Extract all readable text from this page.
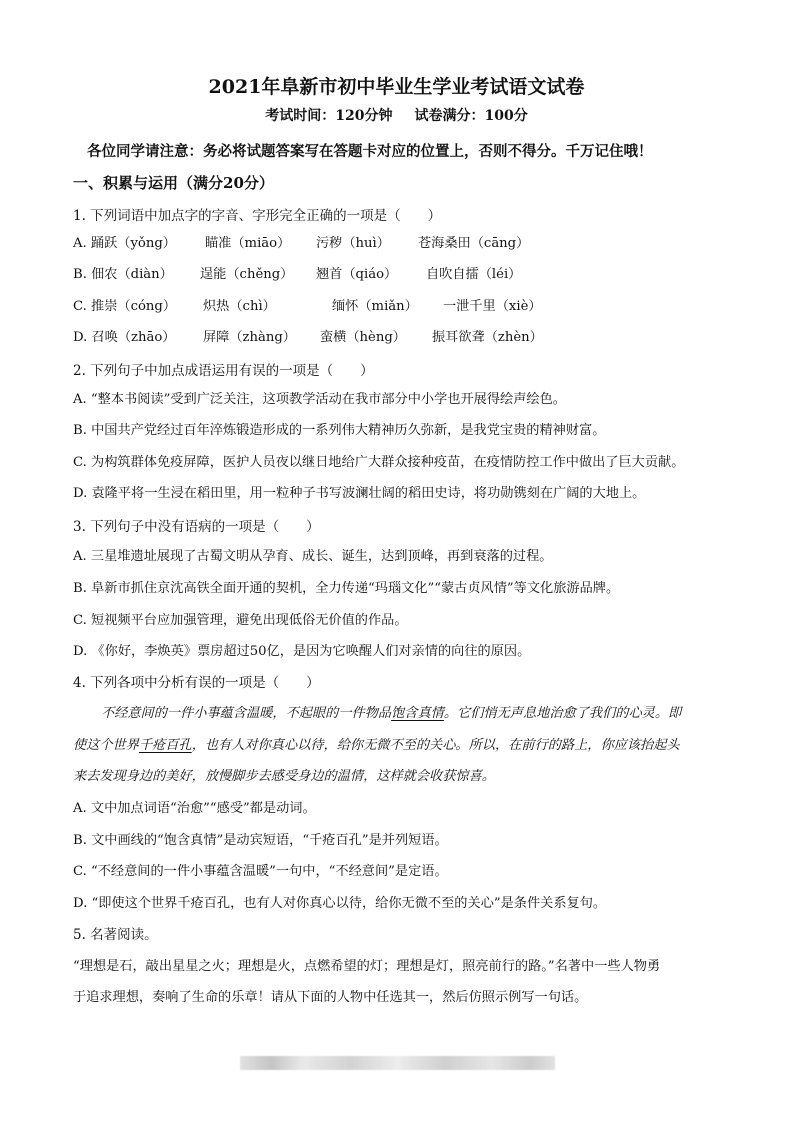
2021年阜新市初中毕业生学业考试语文试卷
考试时间：120分钟 试卷满分：100分
各位同学请注意：务必将试题答案写在答题卡对应的位置上，否则不得分。千万记住哦！
一、积累与运用（满分20分）
1. 下列词语中加点字的字音、字形完全正确的一项是（　　）
A. 踊跃（yǒng） 瞄准（miāo） 污秽（huì） 苍海桑田（cāng）
B. 佃农（diàn） 逞能（chěng） 翘首（qiáo） 自吹自擂（léi）
C. 推崇（cóng） 炽热（chì）	缅怀（miǎn） 一泄千里（xiè）
D. 召唤（zhāo） 屏障（zhàng） 蛮横（hèng） 振耳欲聋（zhèn）
2. 下列句子中加点成语运用有误的一项是（　　）
A. “整本书阅读”受到广泛关注，这项教学活动在我市部分中小学也开展得绘声绘色。
B. 中国共产党经过百年淬炼锻造形成的一系列伟大精神历久弥新，是我党宝贵的精神财富。
C. 为构筑群体免疫屏障，医护人员夜以继日地给广大群众接种疫苗，在疫情防控工作中做出了巨大贡献。
D. 袁隆平将一生浸在稻田里，用一粒种子书写波澜壮阔的稻田史诗，将功勋镌刻在广阔的大地上。
3. 下列句子中没有语病的一项是（　　）
A. 三星堆遗址展现了古蜀文明从孕育、成长、诞生，达到顶峰，再到衰落的过程。
B. 阜新市抓住京沈高铁全面开通的契机，全力传递“玛瑙文化”“蒙古贞风情”等文化旅游品牌。
C. 短视频平台应加强管理，避免出现低俗无价值的作品。
D. 《你好，李焕英》票房超过50亿，是因为它唤醒人们对亲情的向往的原因。
4. 下列各项中分析有误的一项是（　　）
不经意间的一件小事蕴含温暖，不起眼的一件物品饱含真情。它们悄无声息地治愈了我们的心灵。即
使这个世界千疮百孔，也有人对你真心以待，给你无微不至的关心。所以，在前行的路上，你应该抬起头
来去发现身边的美好，放慢脚步去感受身边的温情，这样就会收获惊喜。
A. 文中加点词语“治愈”“感受”都是动词。
B. 文中画线的“饱含真情”是动宾短语，“千疮百孔”是并列短语。
C. “不经意间的一件小事蕴含温暖”一句中，“不经意间”是定语。
D. “即使这个世界千疮百孔，也有人对你真心以待，给你无微不至的关心”是条件关系复句。
5. 名著阅读。
“理想是石，敲出星星之火；理想是火，点燃希望的灯；理想是灯，照亮前行的路。”名著中一些人物勇
于追求理想，奏响了生命的乐章！请从下面的人物中任选其一，然后仿照示例写一句话。
